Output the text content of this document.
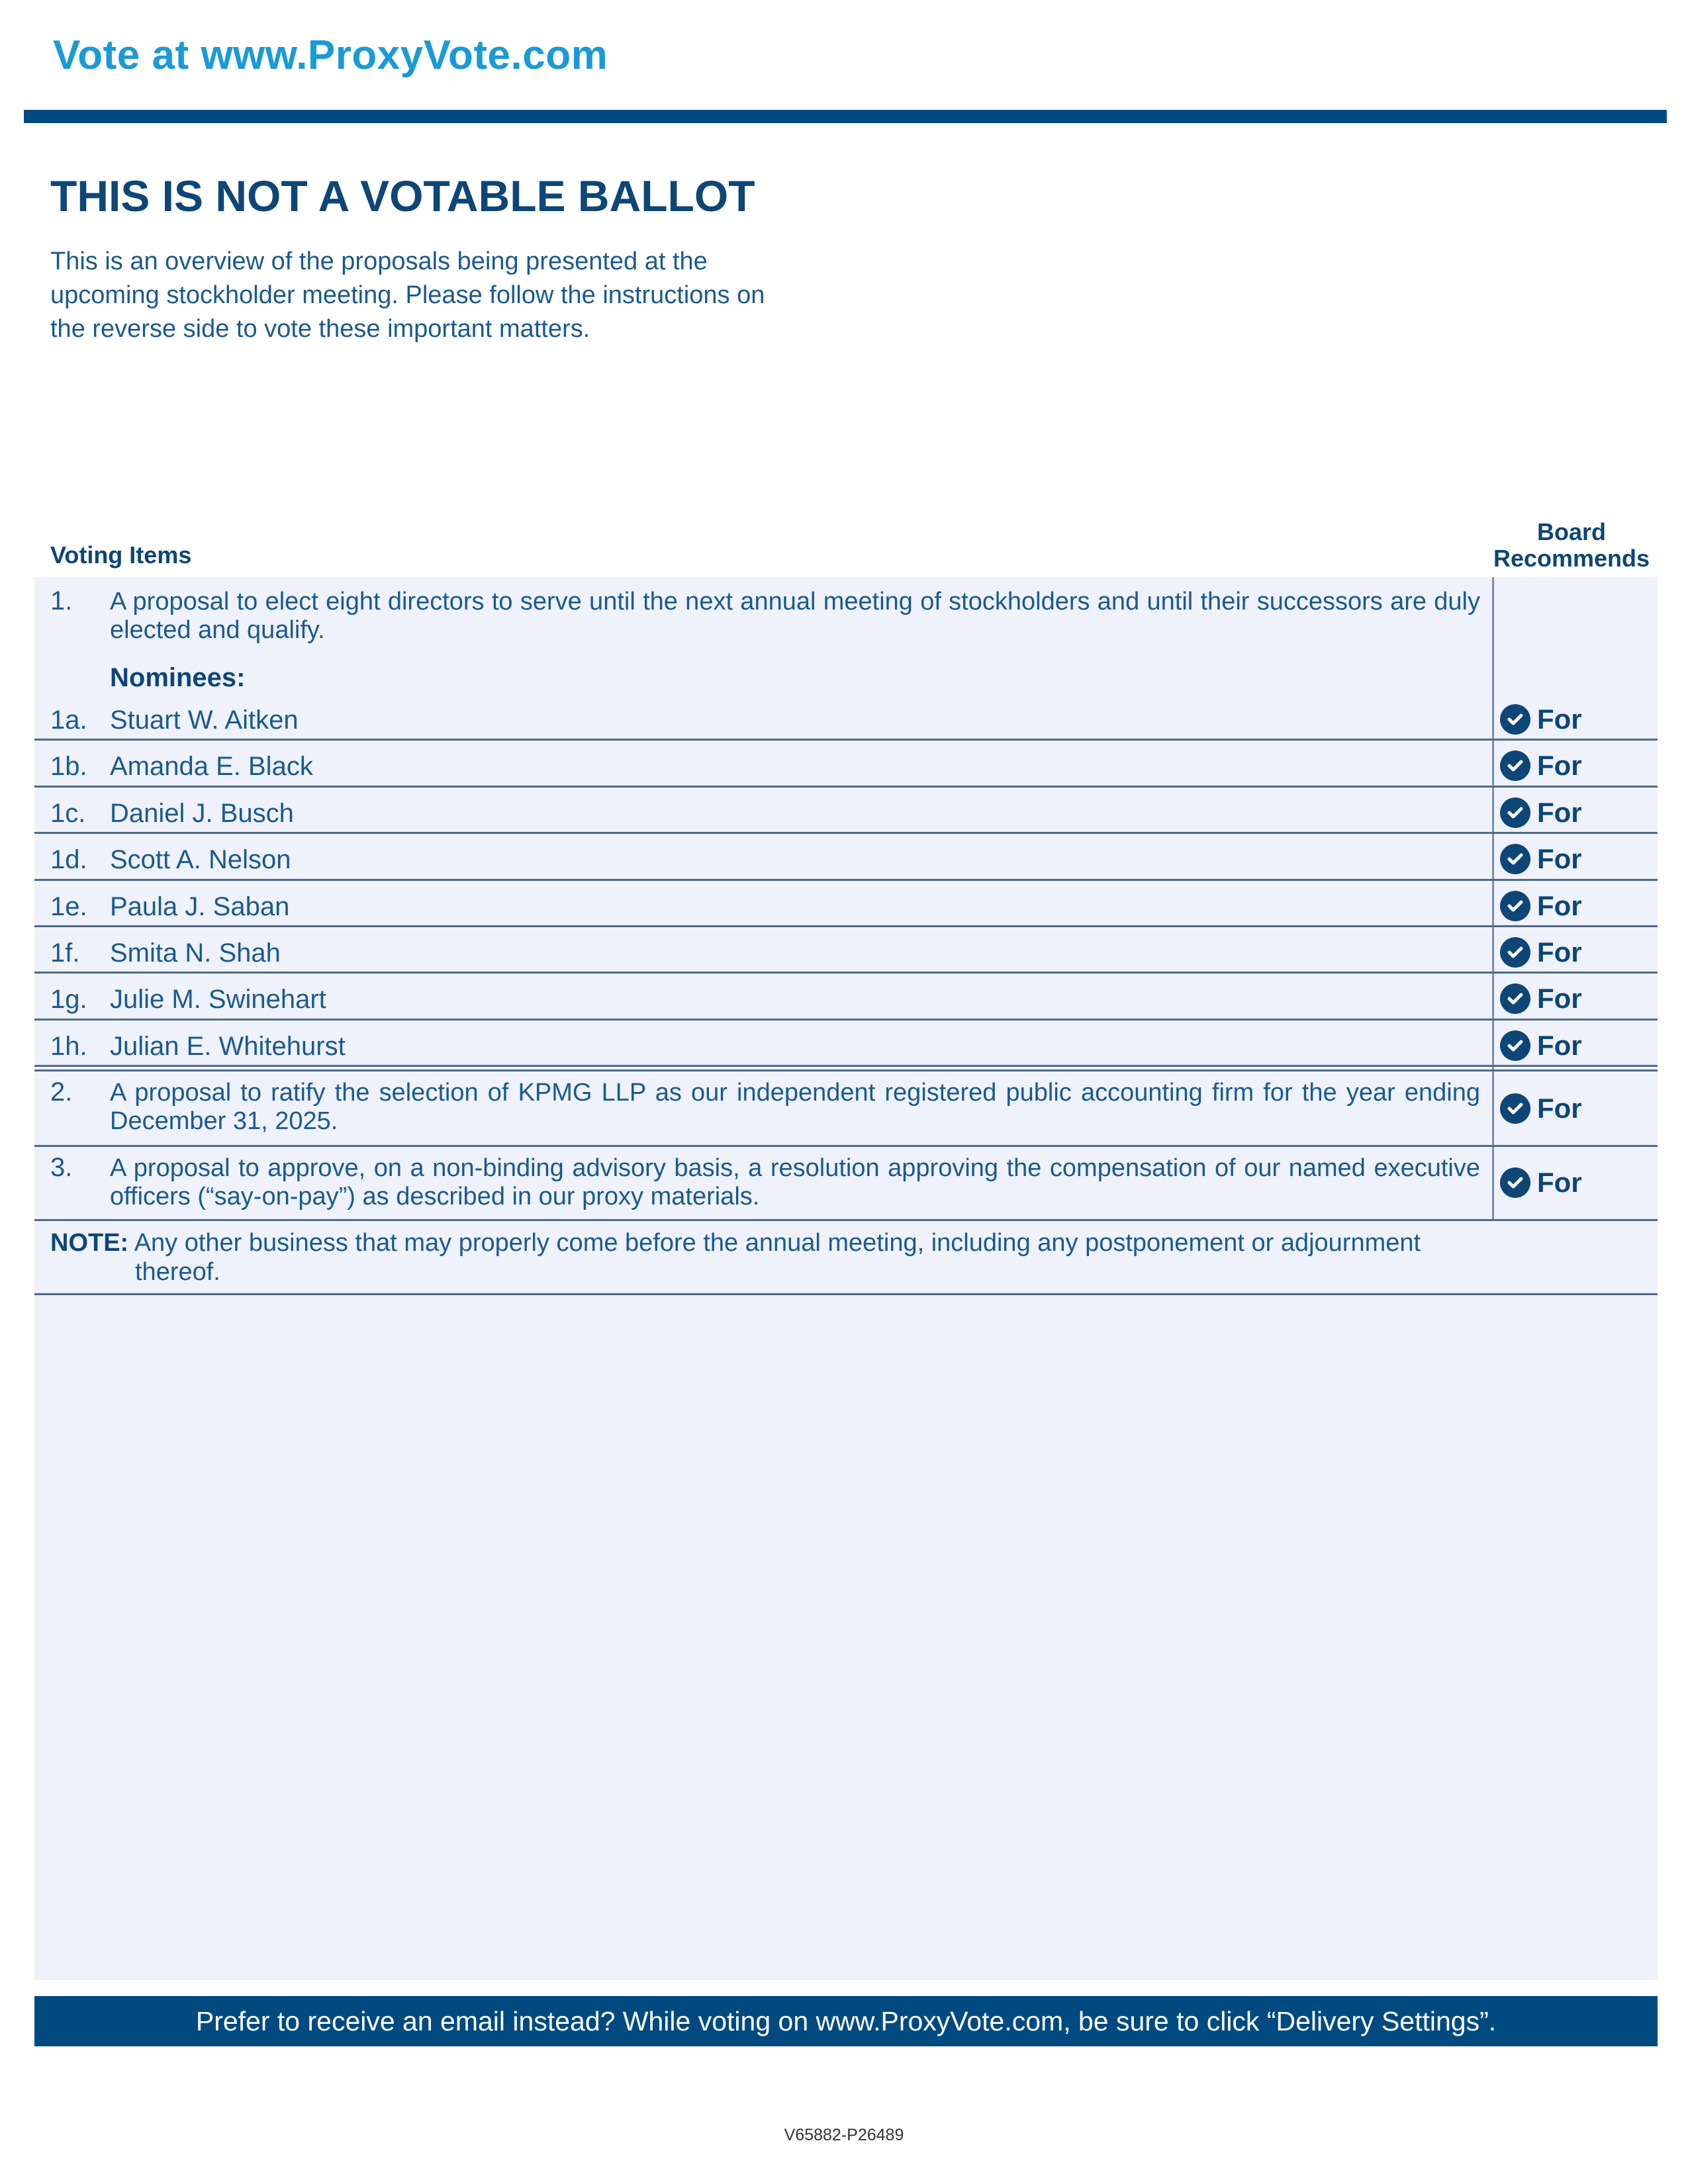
Vote at www.ProxyVote.com
THIS IS NOT A VOTABLE BALLOT
This is an overview of the proposals being presented at the
upcoming stockholder meeting. Please follow the instructions on
the reverse side to vote these important matters.
Voting Items
Board
Recommends
1. A proposal to elect eight directors to serve until the next annual meeting of stockholders and until their successors are duly elected and qualify.
Nominees:
1a. Stuart W. Aitken	For
1b. Amanda E. Black	For
1c. Daniel J. Busch	For
1d. Scott A. Nelson	For
1e. Paula J. Saban	For
1f. Smita N. Shah	For
1g. Julie M. Swinehart	For
1h. Julian E. Whitehurst	For
2. A proposal to ratify the selection of KPMG LLP as our independent registered public accounting firm for the year ending December 31, 2025.	For
3. A proposal to approve, on a non-binding advisory basis, a resolution approving the compensation of our named executive officers (“say-on-pay”) as described in our proxy materials.	For
NOTE: Any other business that may properly come before the annual meeting, including any postponement or adjournment
thereof.
Prefer to receive an email instead? While voting on www.ProxyVote.com, be sure to click “Delivery Settings”.
V65882-P26489
